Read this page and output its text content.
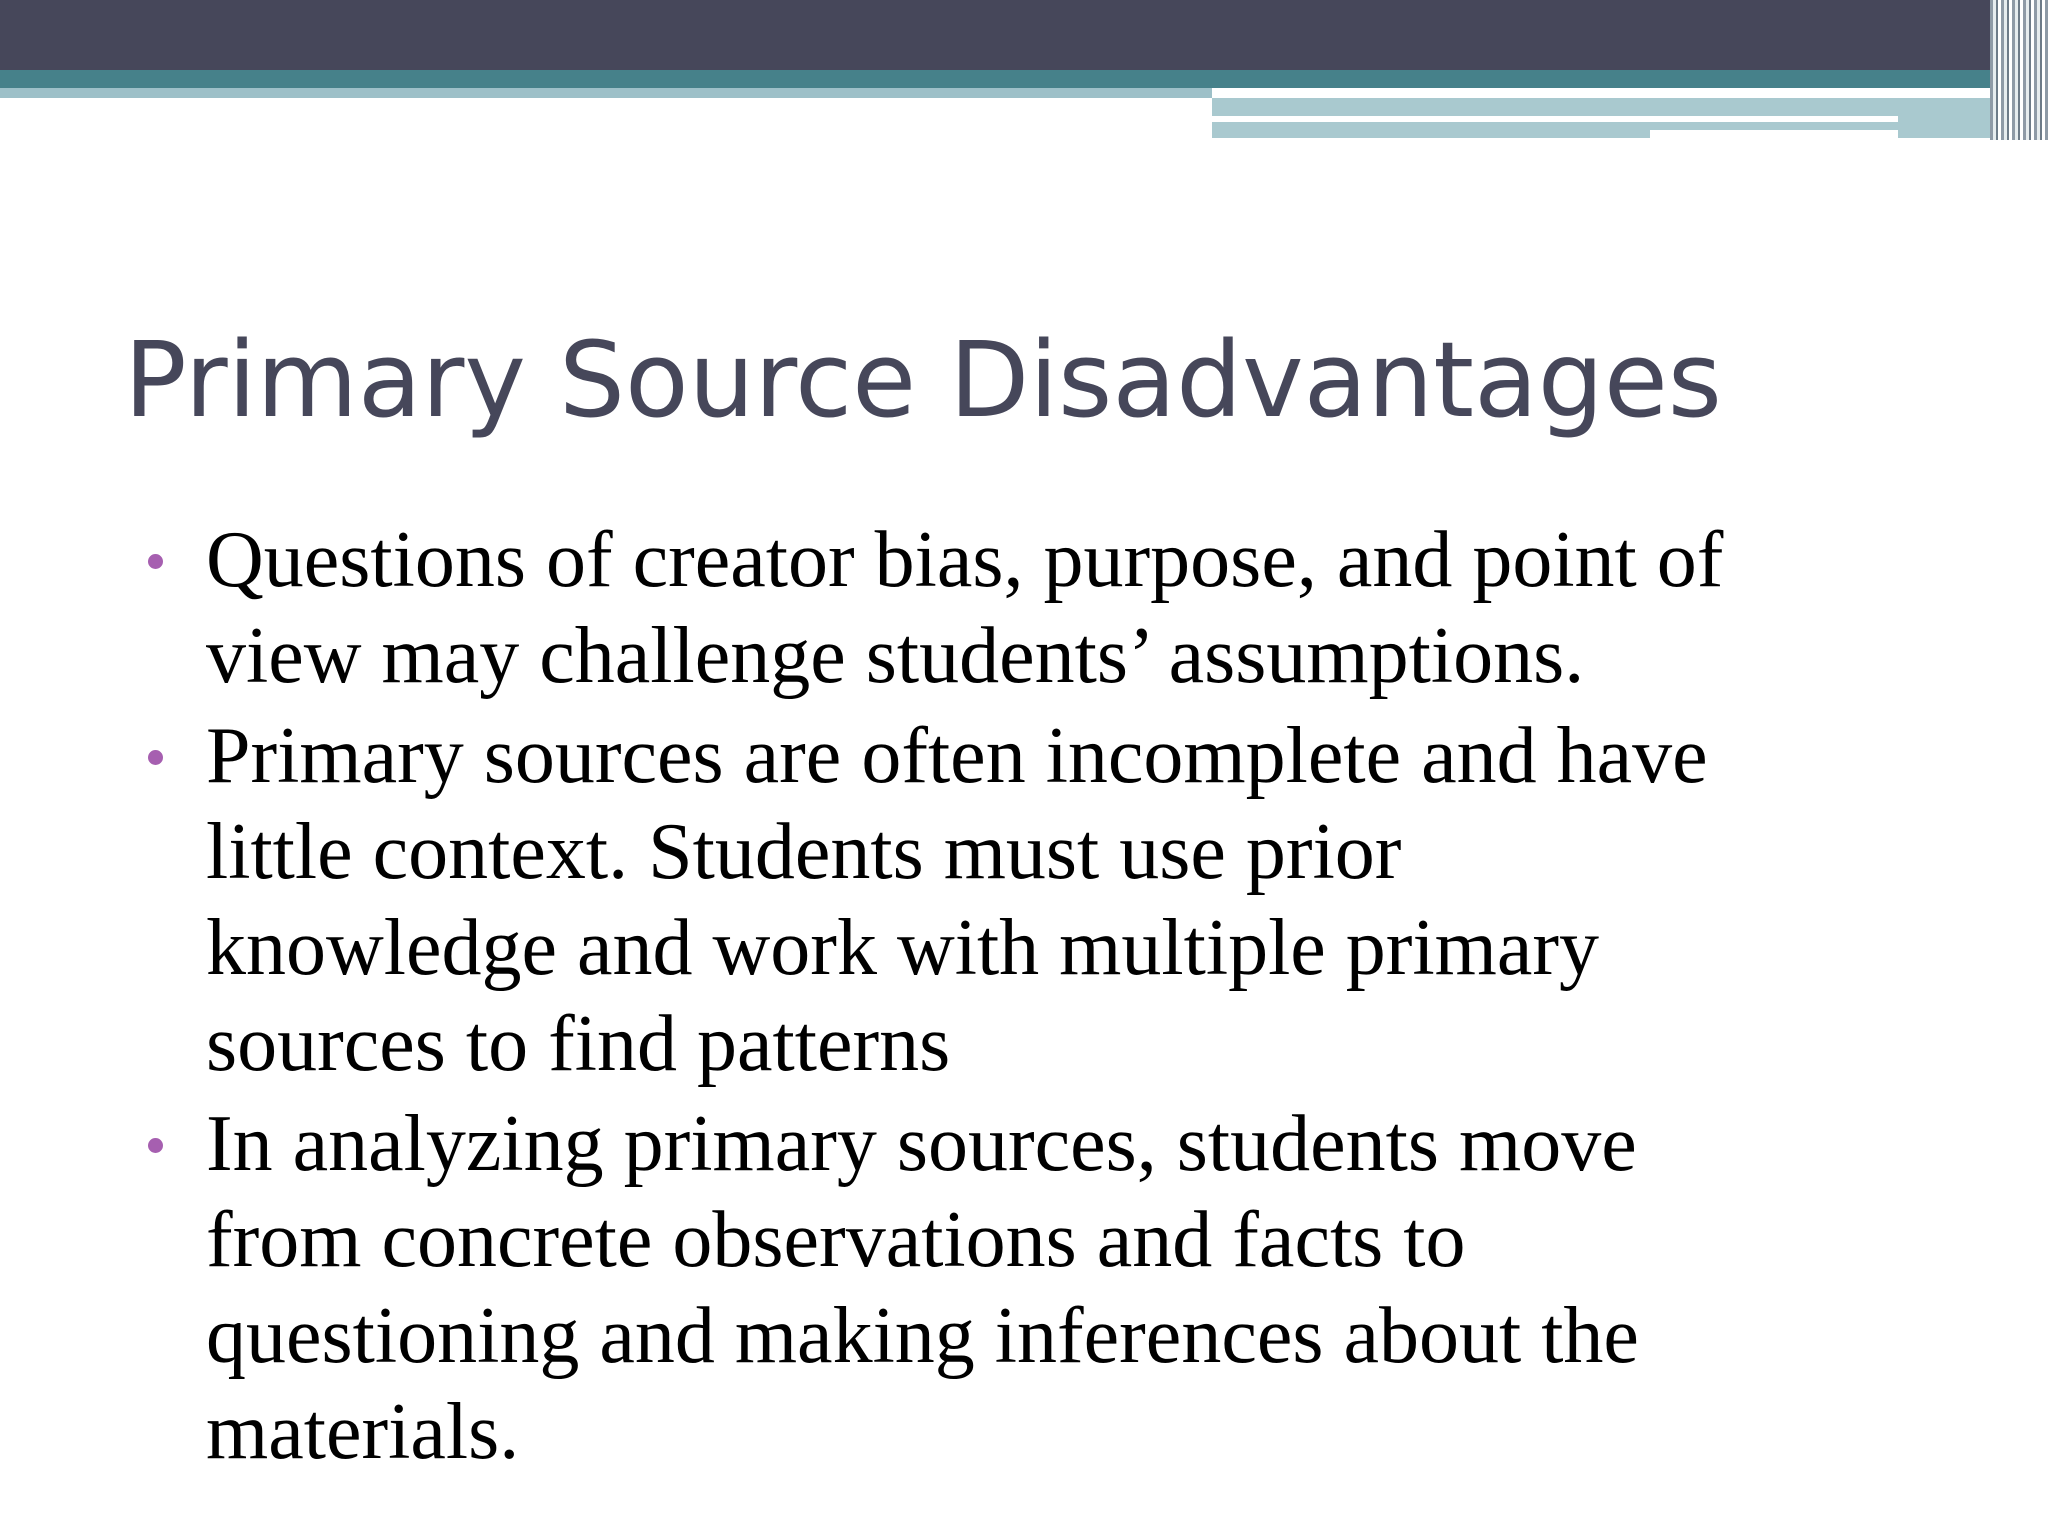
Primary Source Disadvantages
Questions of creator bias, purpose, and point of
view may challenge students’ assumptions.
Primary sources are often incomplete and have
little context. Students must use prior
knowledge and work with multiple primary
sources to find patterns
In analyzing primary sources, students move
from concrete observations and facts to
questioning and making inferences about the
materials.
